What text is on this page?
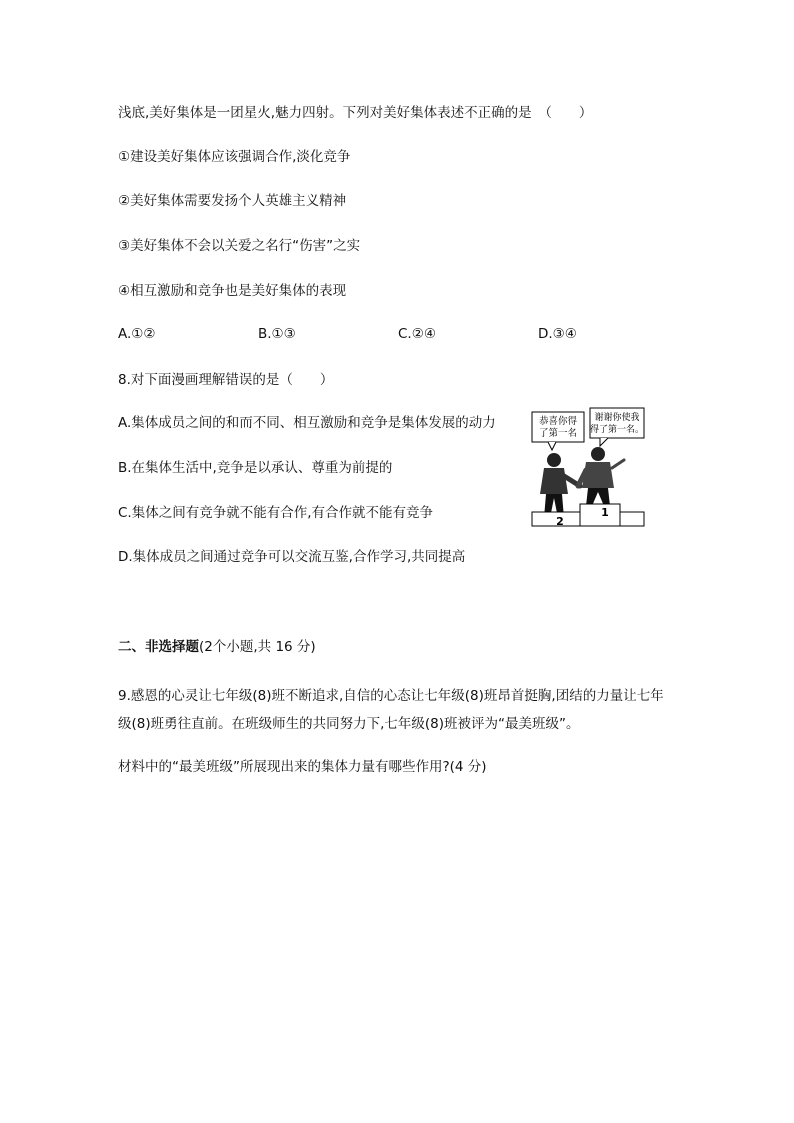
浅底,美好集体是一团星火,魅力四射。下列对美好集体表述不正确的是　（　　）
①建设美好集体应该强调合作,淡化竞争
②美好集体需要发扬个人英雄主义精神
③美好集体不会以关爱之名行“伤害”之实
④相互激励和竞争也是美好集体的表现
A.①②	B.①③	C.②④	D.③④
8.对下面漫画理解错误的是（　　）
A.集体成员之间的和而不同、相互激励和竞争是集体发展的动力
B.在集体生活中,竞争是以承认、尊重为前提的
C.集体之间有竞争就不能有合作,有合作就不能有竞争
D.集体成员之间通过竞争可以交流互鉴,合作学习,共同提高
恭喜你得
了第一名
谢谢你使我
得了第一名。
2
1
二、非选择题(2个小题,共 16 分)
9.感恩的心灵让七年级(8)班不断追求,自信的心态让七年级(8)班昂首挺胸,团结的力量让七年
级(8)班勇往直前。在班级师生的共同努力下,七年级(8)班被评为“最美班级”。
材料中的“最美班级”所展现出来的集体力量有哪些作用?(4 分)
